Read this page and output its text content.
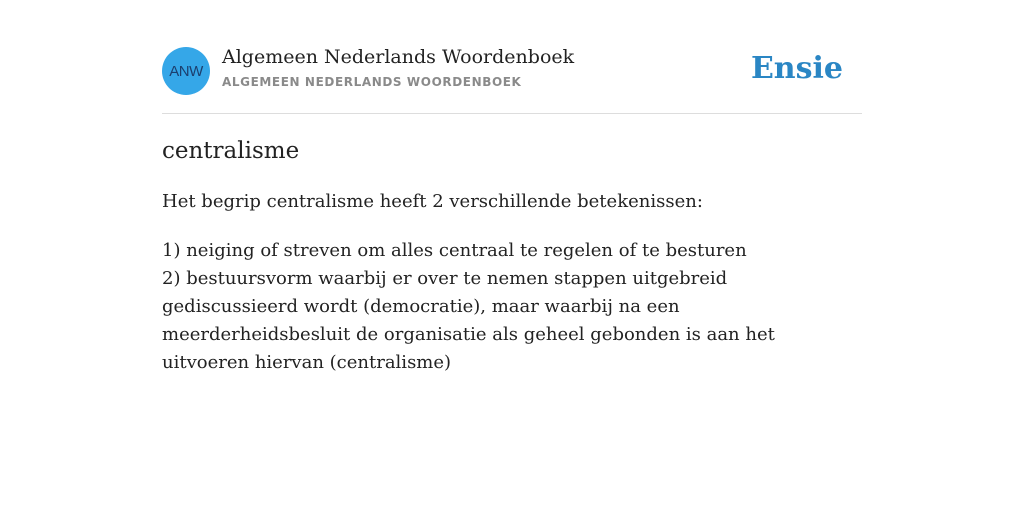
ANW
Algemeen Nederlands Woordenboek
ALGEMEEN NEDERLANDS WOORDENBOEK	Ensie
centralisme

Het begrip centralisme heeft 2 verschillende betekenissen:

1) neiging of streven om alles centraal te regelen of te besturen
2) bestuursvorm waarbij er over te nemen stappen uitgebreid gediscussieerd wordt (democratie), maar waarbij na een meerderheidsbesluit de organisatie als geheel gebonden is aan het uitvoeren hiervan (centralisme)
